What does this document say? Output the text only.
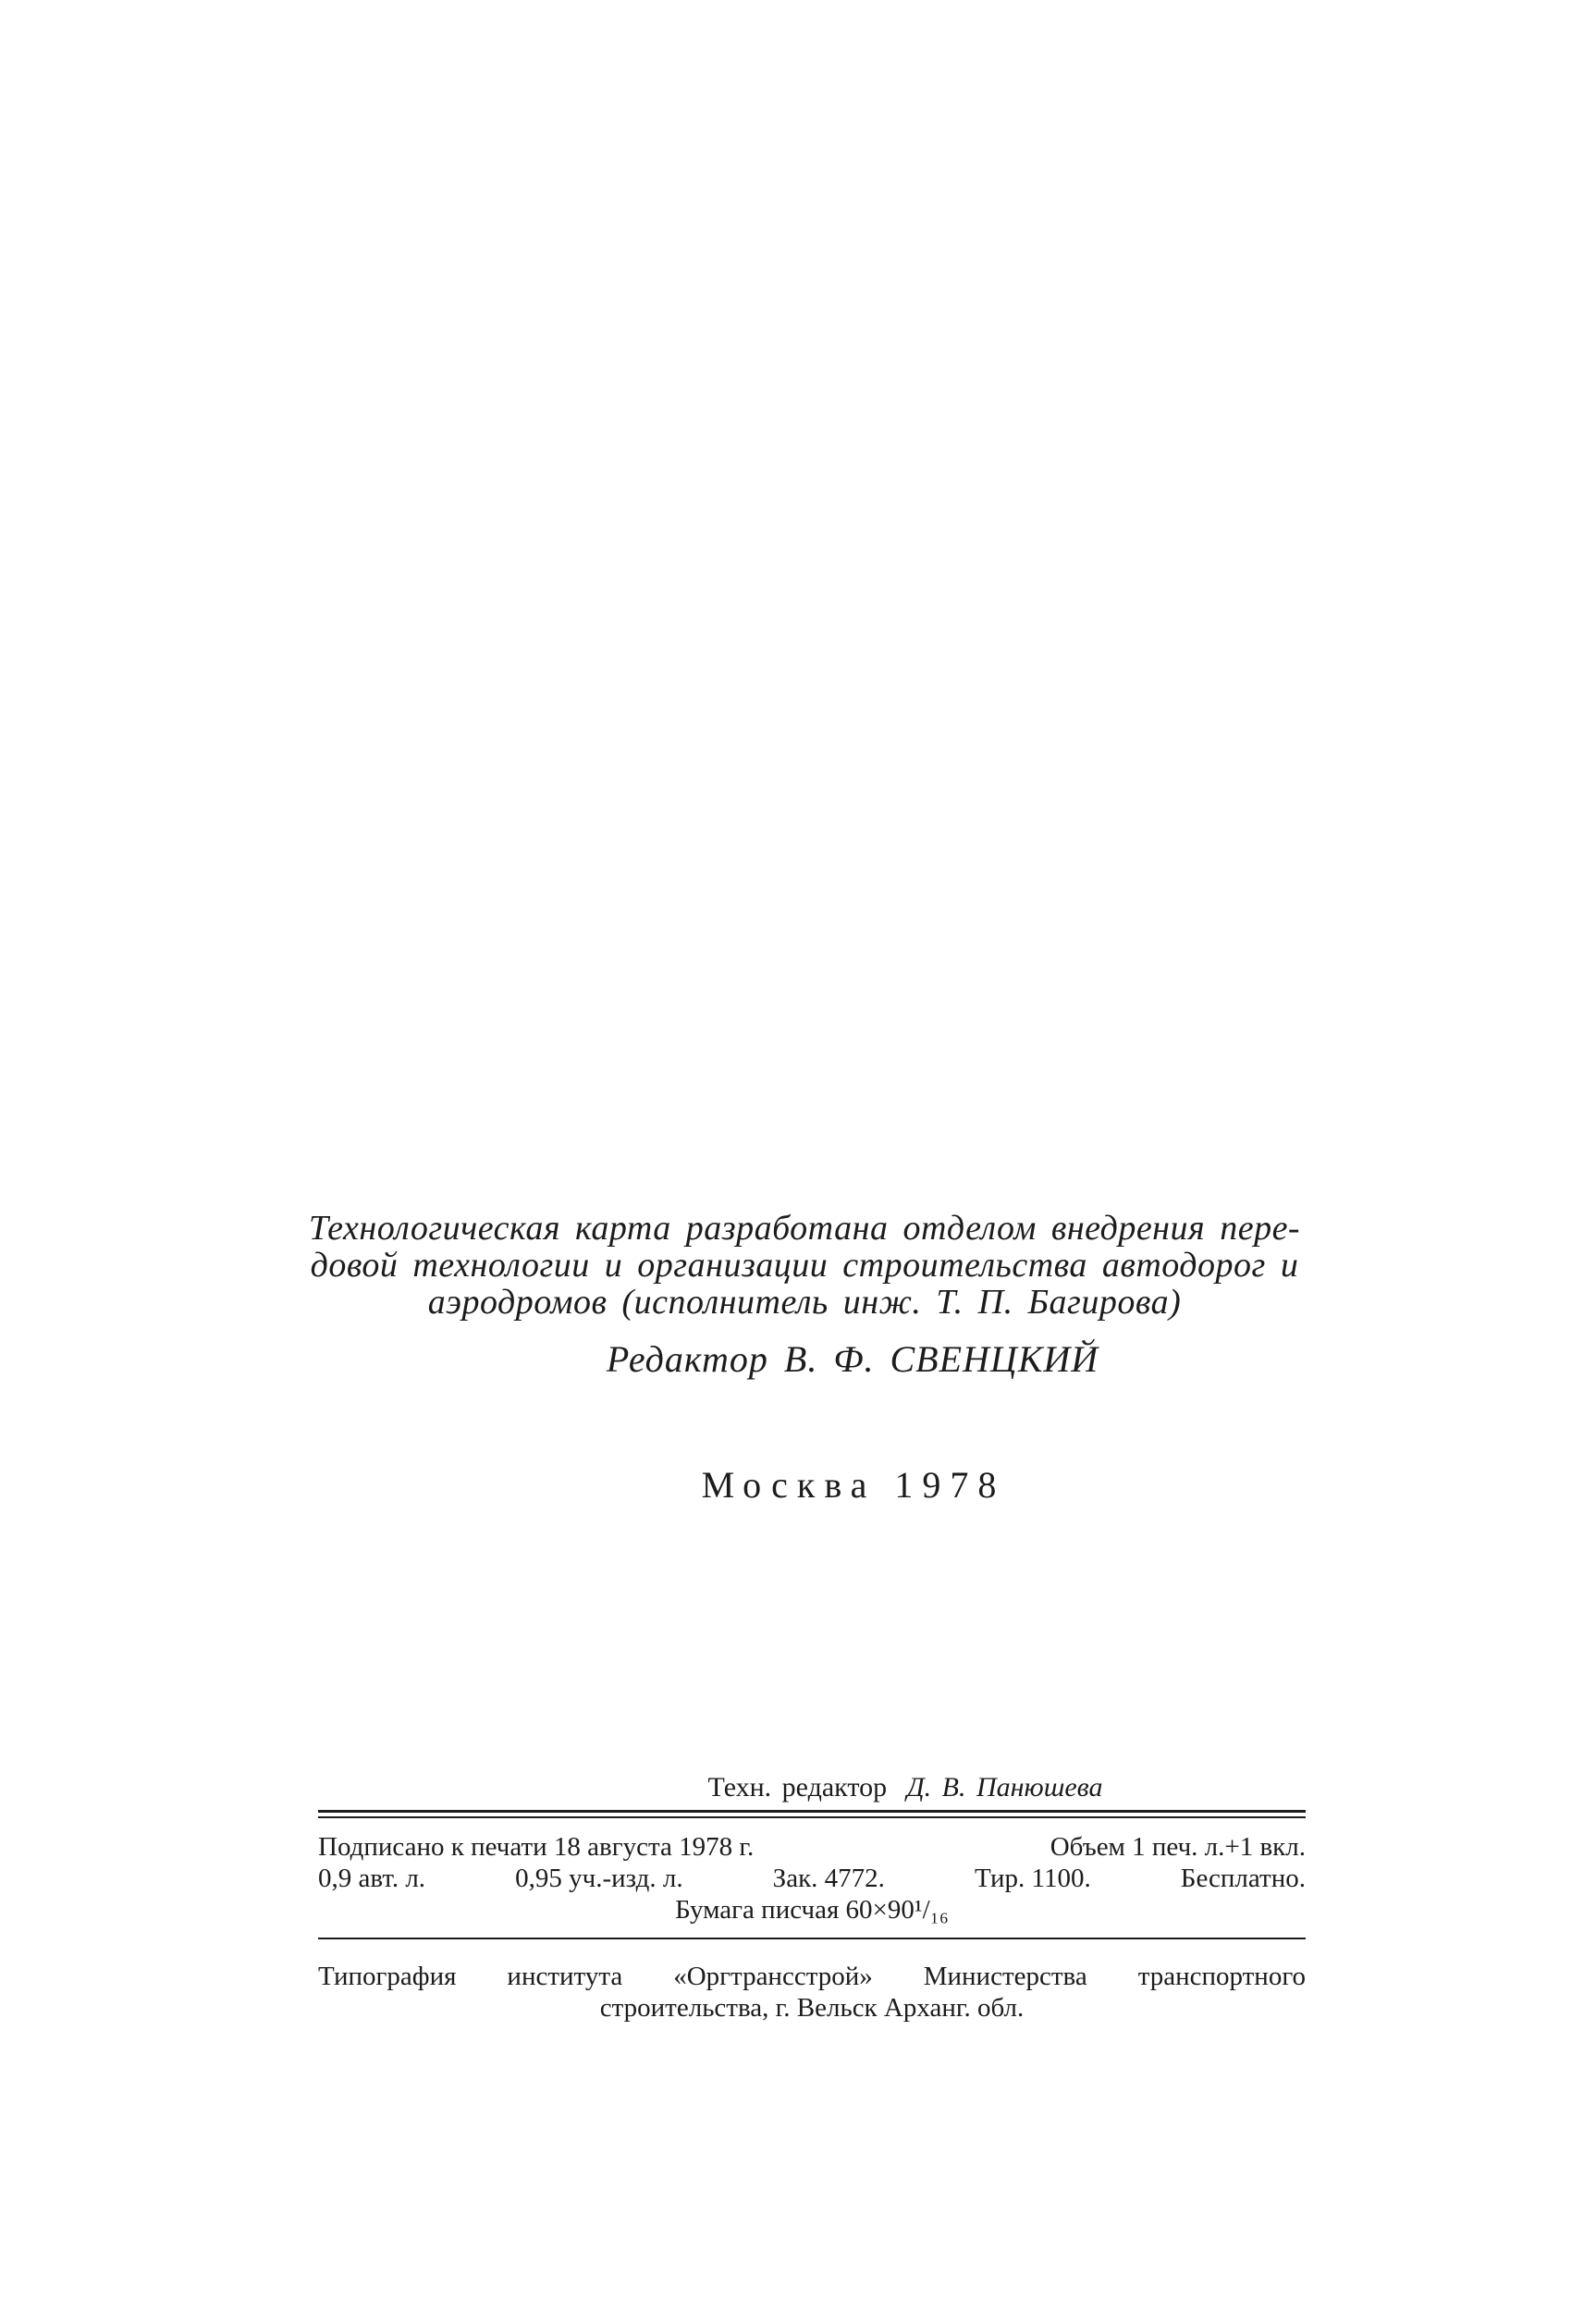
Технологическая карта разработана отделом внедрения пере-
довой технологии и организации строительства автодорог и
аэродромов (исполнитель инж. Т. П. Багирова)
Редактор В. Ф. СВЕНЦКИЙ
Москва 1978
Техн. редактор Д. В. Панюшева
Подписано к печати 18 августа 1978 г.	Объем 1 печ. л.+1 вкл.
0,9 авт. л.	0,95 уч.-изд. л.	Зак. 4772.	Тир. 1100.	Бесплатно.
Бумага писчая 60×90¹/₁₆
Типография института «Оргтрансстрой» Министерства транспортного
строительства, г. Вельск Арханг. обл.
